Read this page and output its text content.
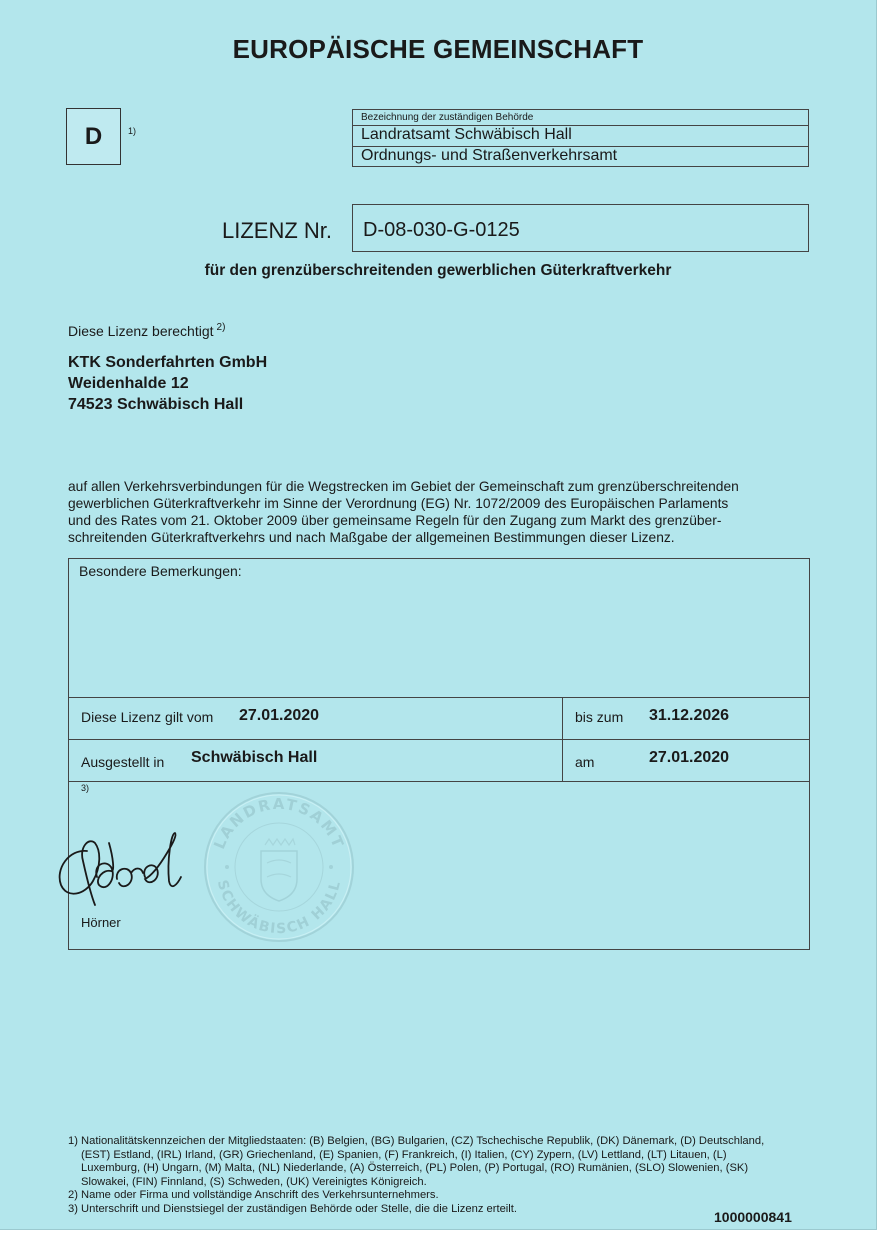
EUROPÄISCHE GEMEINSCHAFT
D	1)
Bezeichnung der zuständigen Behörde
Landratsamt Schwäbisch Hall
Ordnungs- und Straßenverkehrsamt
LIZENZ Nr. D-08-030-G-0125
für den grenzüberschreitenden gewerblichen Güterkraftverkehr
Diese Lizenz berechtigt $^{2)}$
KTK Sonderfahrten GmbH
Weidenhalde 12
74523 Schwäbisch Hall
auf allen Verkehrsverbindungen für die Wegstrecken im Gebiet der Gemeinschaft zum grenzüberschreitenden
gewerblichen Güterkraftverkehr im Sinne der Verordnung (EG) Nr. 1072/2009 des Europäischen Parlaments
und des Rates vom 21. Oktober 2009 über gemeinsame Regeln für den Zugang zum Markt des grenzüber-
schreitenden Güterkraftverkehrs und nach Maßgabe der allgemeinen Bestimmungen dieser Lizenz.
Besondere Bemerkungen:
Diese Lizenz gilt vom 27.01.2020	bis zum 31.12.2026
Ausgestellt in Schwäbisch Hall	am	27.01.2020
3)
LANDRATSAMT
SCHWÄBISCH HALL
Hörner

1) Nationalitätskennzeichen der Mitgliedstaaten: (B) Belgien, (BG) Bulgarien, (CZ) Tschechische Republik, (DK) Dänemark, (D) Deutschland,

(EST) Estland, (IRL) Irland, (GR) Griechenland, (E) Spanien, (F) Frankreich, (I) Italien, (CY) Zypern, (LV) Lettland, (LT) Litauen, (L)

Luxemburg, (H) Ungarn, (M) Malta, (NL) Niederlande, (A) Österreich, (PL) Polen, (P) Portugal, (RO) Rumänien, (SLO) Slowenien, (SK)

Slowakei, (FIN) Finnland, (S) Schweden, (UK) Vereinigtes Königreich.

2) Name oder Firma und vollständige Anschrift des Verkehrsunternehmers.

3) Unterschrift und Dienstsiegel der zuständigen Behörde oder Stelle, die die Lizenz erteilt.

1000000841
